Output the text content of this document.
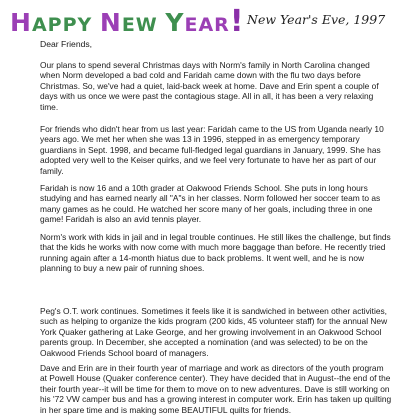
HAPPY NEW YEAR! New Year's Eve, 1997
Dear Friends,
Our plans to spend several Christmas days with Norm's family in North Carolina changed when Norm developed a bad cold and Faridah came down with the flu two days before Christmas. So, we've had a quiet, laid-back week at home. Dave and Erin spent a couple of days with us once we were past the contagious stage. All in all, it has been a very relaxing time.
For friends who didn't hear from us last year: Faridah came to the US from Uganda nearly 10 years ago. We met her when she was 13 in 1996, stepped in as emergency temporary guardians in Sept. 1998, and became full-fledged legal guardians in January, 1999. She has adopted very well to the Keiser quirks, and we feel very fortunate to have her as part of our family.
Faridah is now 16 and a 10th grader at Oakwood Friends School. She puts in long hours studying and has earned nearly all "A"s in her classes. Norm followed her soccer team to as many games as he could. He watched her score many of her goals, including three in one game! Faridah is also an avid tennis player.
Norm's work with kids in jail and in legal trouble continues. He still likes the challenge, but finds that the kids he works with now come with much more baggage than before. He recently tried running again after a 14-month hiatus due to back problems. It went well, and he is now planning to buy a new pair of running shoes.
Peg's O.T. work continues. Sometimes it feels like it is sandwiched in between other activities, such as helping to organize the kids program (200 kids, 45 volunteer staff) for the annual New York Quaker gathering at Lake George, and her growing involvement in an Oakwood School parents group. In December, she accepted a nomination (and was selected) to be on the Oakwood Friends School board of managers.
Dave and Erin are in their fourth year of marriage and work as directors of the youth program at Powell House (Quaker conference center). They have decided that in August--the end of the their fourth year--it will be time for them to move on to new adventures. Dave is still working on his '72 VW camper bus and has a growing interest in computer work. Erin has taken up quilting in her spare time and is making some BEAUTIFUL quilts for friends.
